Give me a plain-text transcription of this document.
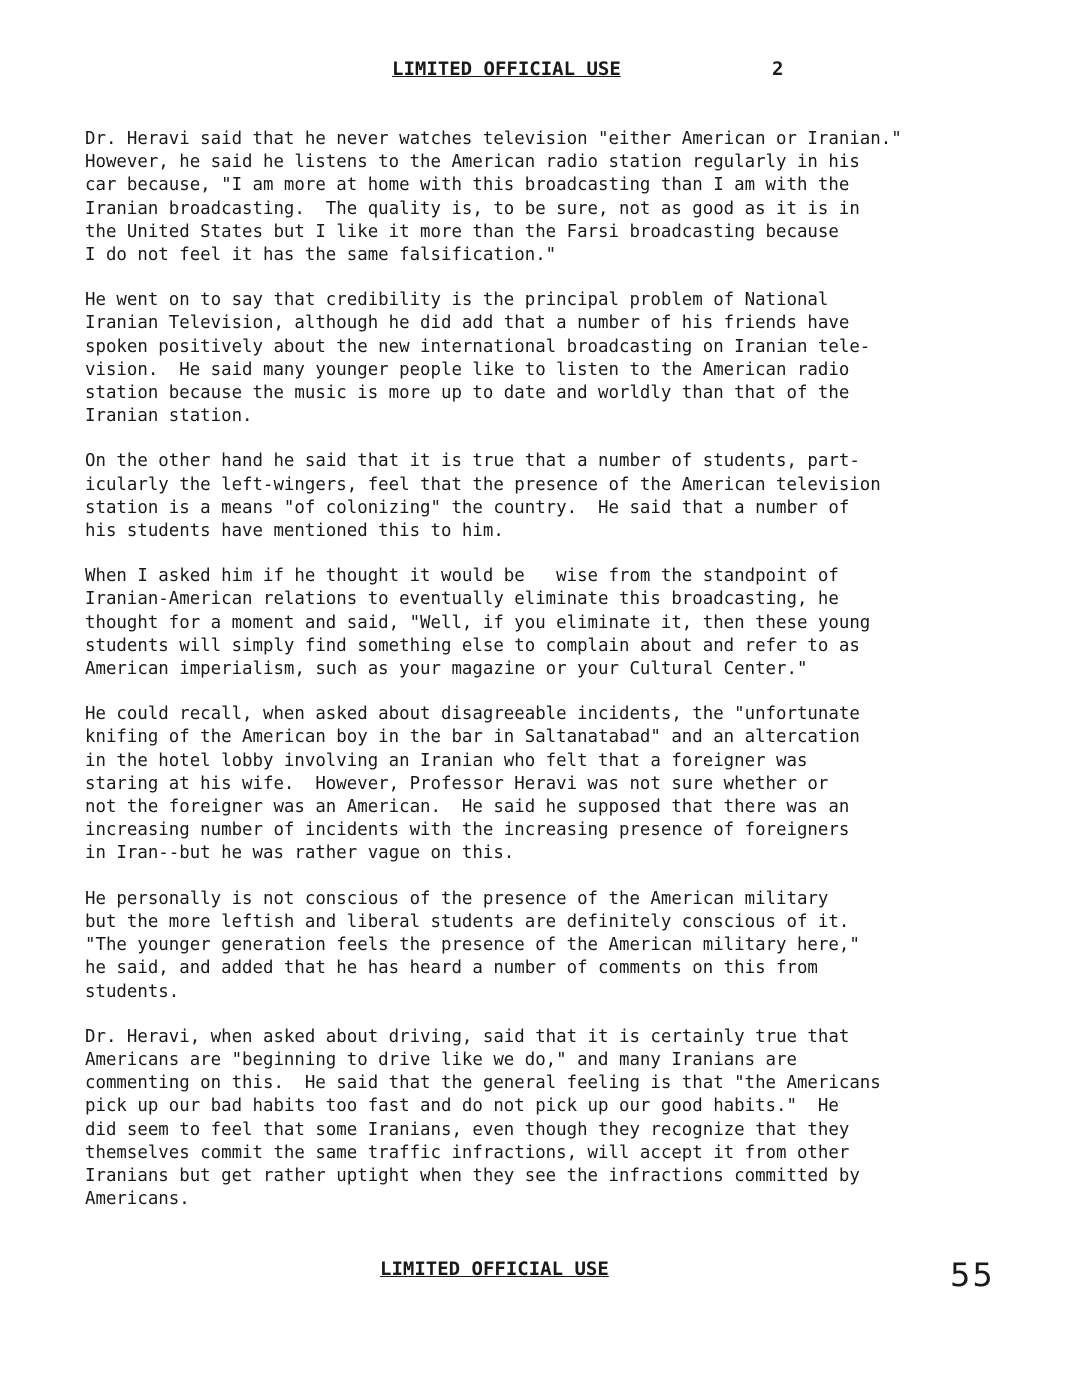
LIMITED OFFICIAL USE	2

Dr. Heravi said that he never watches television "either American or Iranian."
However, he said he listens to the American radio station regularly in his
car because, "I am more at home with this broadcasting than I am with the
Iranian broadcasting.  The quality is, to be sure, not as good as it is in
the United States but I like it more than the Farsi broadcasting because
I do not feel it has the same falsification."

He went on to say that credibility is the principal problem of National
Iranian Television, although he did add that a number of his friends have
spoken positively about the new international broadcasting on Iranian tele-
vision.  He said many younger people like to listen to the American radio
station because the music is more up to date and worldly than that of the
Iranian station.

On the other hand he said that it is true that a number of students, part-
icularly the left-wingers, feel that the presence of the American television
station is a means "of colonizing" the country.  He said that a number of
his students have mentioned this to him.

When I asked him if he thought it would be   wise from the standpoint of
Iranian-American relations to eventually eliminate this broadcasting, he
thought for a moment and said, "Well, if you eliminate it, then these young
students will simply find something else to complain about and refer to as
American imperialism, such as your magazine or your Cultural Center."

He could recall, when asked about disagreeable incidents, the "unfortunate
knifing of the American boy in the bar in Saltanatabad" and an altercation
in the hotel lobby involving an Iranian who felt that a foreigner was
staring at his wife.  However, Professor Heravi was not sure whether or
not the foreigner was an American.  He said he supposed that there was an
increasing number of incidents with the increasing presence of foreigners
in Iran--but he was rather vague on this.

He personally is not conscious of the presence of the American military
but the more leftish and liberal students are definitely conscious of it.
"The younger generation feels the presence of the American military here,"
he said, and added that he has heard a number of comments on this from
students.

Dr. Heravi, when asked about driving, said that it is certainly true that
Americans are "beginning to drive like we do," and many Iranians are
commenting on this.  He said that the general feeling is that "the Americans
pick up our bad habits too fast and do not pick up our good habits."  He
did seem to feel that some Iranians, even though they recognize that they
themselves commit the same traffic infractions, will accept it from other
Iranians but get rather uptight when they see the infractions committed by
Americans.

LIMITED OFFICIAL USE	55
